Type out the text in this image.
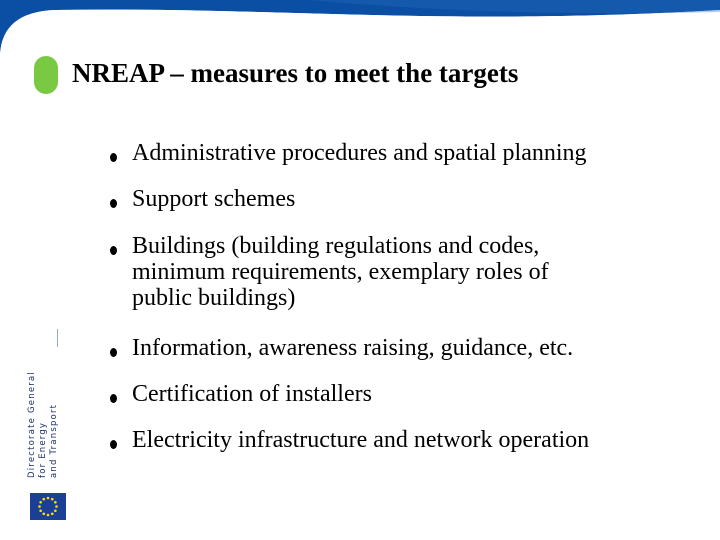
NREAP – measures to meet the targets
Administrative procedures and spatial planning
Support schemes
Buildings (building regulations and codes,
minimum requirements, exemplary roles of
public buildings)
Information, awareness raising, guidance, etc.
Certification of installers
Electricity infrastructure and network operation
Directorate General for Energy and Transport
